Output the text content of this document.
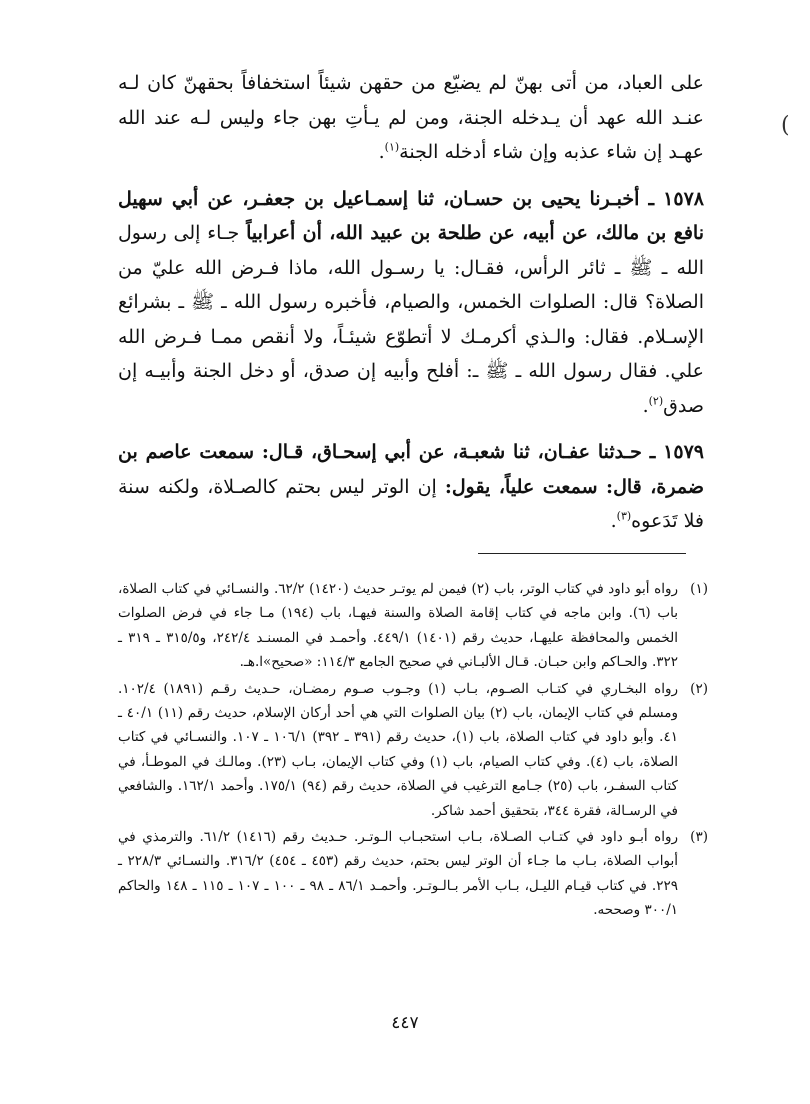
(

على العباد، من أتى بهنّ لم يضيّع من حقهن شيئاً استخفافاً بحقهنّ كان لـه عنـد الله عهد أن يـدخله الجنة، ومن لم يـأتِ بهن جاء وليس لـه عند الله عهـد إن شاء عذبه وإن شاء أدخله الجنة$^{(١)}$.

١٥٧٨ ـ أخبـرنا يحيى بن حسـان، ثنا إسمـاعيل بن جعفـر، عن أبي سهيل نافع بن مالك، عن أبيه، عن طلحة بن عبيد الله، أن أعرابياً جـاء إلى رسول الله ـ ﷺ ـ ثائر الرأس، فقـال: يا رسـول الله، ماذا فـرض الله عليّ من الصلاة؟ قال: الصلوات الخمس، والصيام، فأخبره رسول الله ـ ﷺ ـ بشرائع الإسـلام. فقال: والـذي أكرمـك لا أتطوّع شيئـاً، ولا أنقص ممـا فـرض الله علي. فقال رسول الله ـ ﷺ ـ: أفلح وأبيه إن صدق، أو دخل الجنة وأبيـه إن صدق$^{(٢)}$.

١٥٧٩ ـ حـدثنا عفـان، ثنا شعبـة، عن أبي إسحـاق، قـال: سمعت عاصم بن ضمرة، قال: سمعت علياً، يقول: إن الوتر ليس بحتم كالصـلاة، ولكنه سنة فلا تَدَعوه$^{(٣)}$.

(١)
رواه أبو داود في كتاب الوتر، باب (٢) فيمن لم يوتـر حديث (١٤٢٠) ٦٢/٢. والنسـائي في كتاب الصلاة، باب (٦). وابن ماجه في كتاب إقامة الصلاة والسنة فيهـا، باب (١٩٤) مـا جاء في فرض الصلوات الخمس والمحافظة عليهـا، حديث رقم (١٤٠١) ٤٤٩/١. وأحمـد في المسنـد ٢٤٢/٤، و٣١٥/٥ ـ ٣١٩ ـ ٣٢٢. والحـاكم وابن حبـان. قـال الألبـاني في صحيح الجامع ١١٤/٣: «صحيح»ا.هـ.
(٢)
رواه البخـاري في كتـاب الصـوم، بـاب (١) وجـوب صـوم رمضـان، حـديث رقـم (١٨٩١) ١٠٢/٤. ومسلم في كتاب الإيمان، باب (٢) بيان الصلوات التي هي أحد أركان الإسلام، حديث رقم (١١) ٤٠/١ ـ ٤١. وأبو داود في كتاب الصلاة، باب (١)، حديث رقم (٣٩١ ـ ٣٩٢) ١٠٦/١ ـ ١٠٧. والنسـائي في كتاب الصلاة، باب (٤). وفي كتاب الصيام، باب (١) وفي كتاب الإيمان، بـاب (٢٣). ومالـك في الموطـأ، في كتاب السفـر، باب (٢٥) جـامع الترغيب في الصلاة، حديث رقم (٩٤) ١٧٥/١. وأحمد ١٦٢/١. والشافعي في الرسـالة، فقرة ٣٤٤، بتحقيق أحمد شاكر.
(٣)
رواه أبـو داود في كتـاب الصـلاة، بـاب استحبـاب الـوتـر. حـديث رقم (١٤١٦) ٦١/٢. والترمذي في أبواب الصلاة، بـاب ما جـاء أن الوتر ليس بحتم، حديث رقم (٤٥٣ ـ ٤٥٤) ٣١٦/٢. والنسـائي ٢٢٨/٣ ـ ٢٢٩. في كتاب قيـام الليـل، بـاب الأمر بـالـوتـر. وأحمـد ٨٦/١ ـ ٩٨ ـ ١٠٠ ـ ١٠٧ ـ ١١٥ ـ ١٤٨ والحاكم ٣٠٠/١ وصححه.
٤٤٧
